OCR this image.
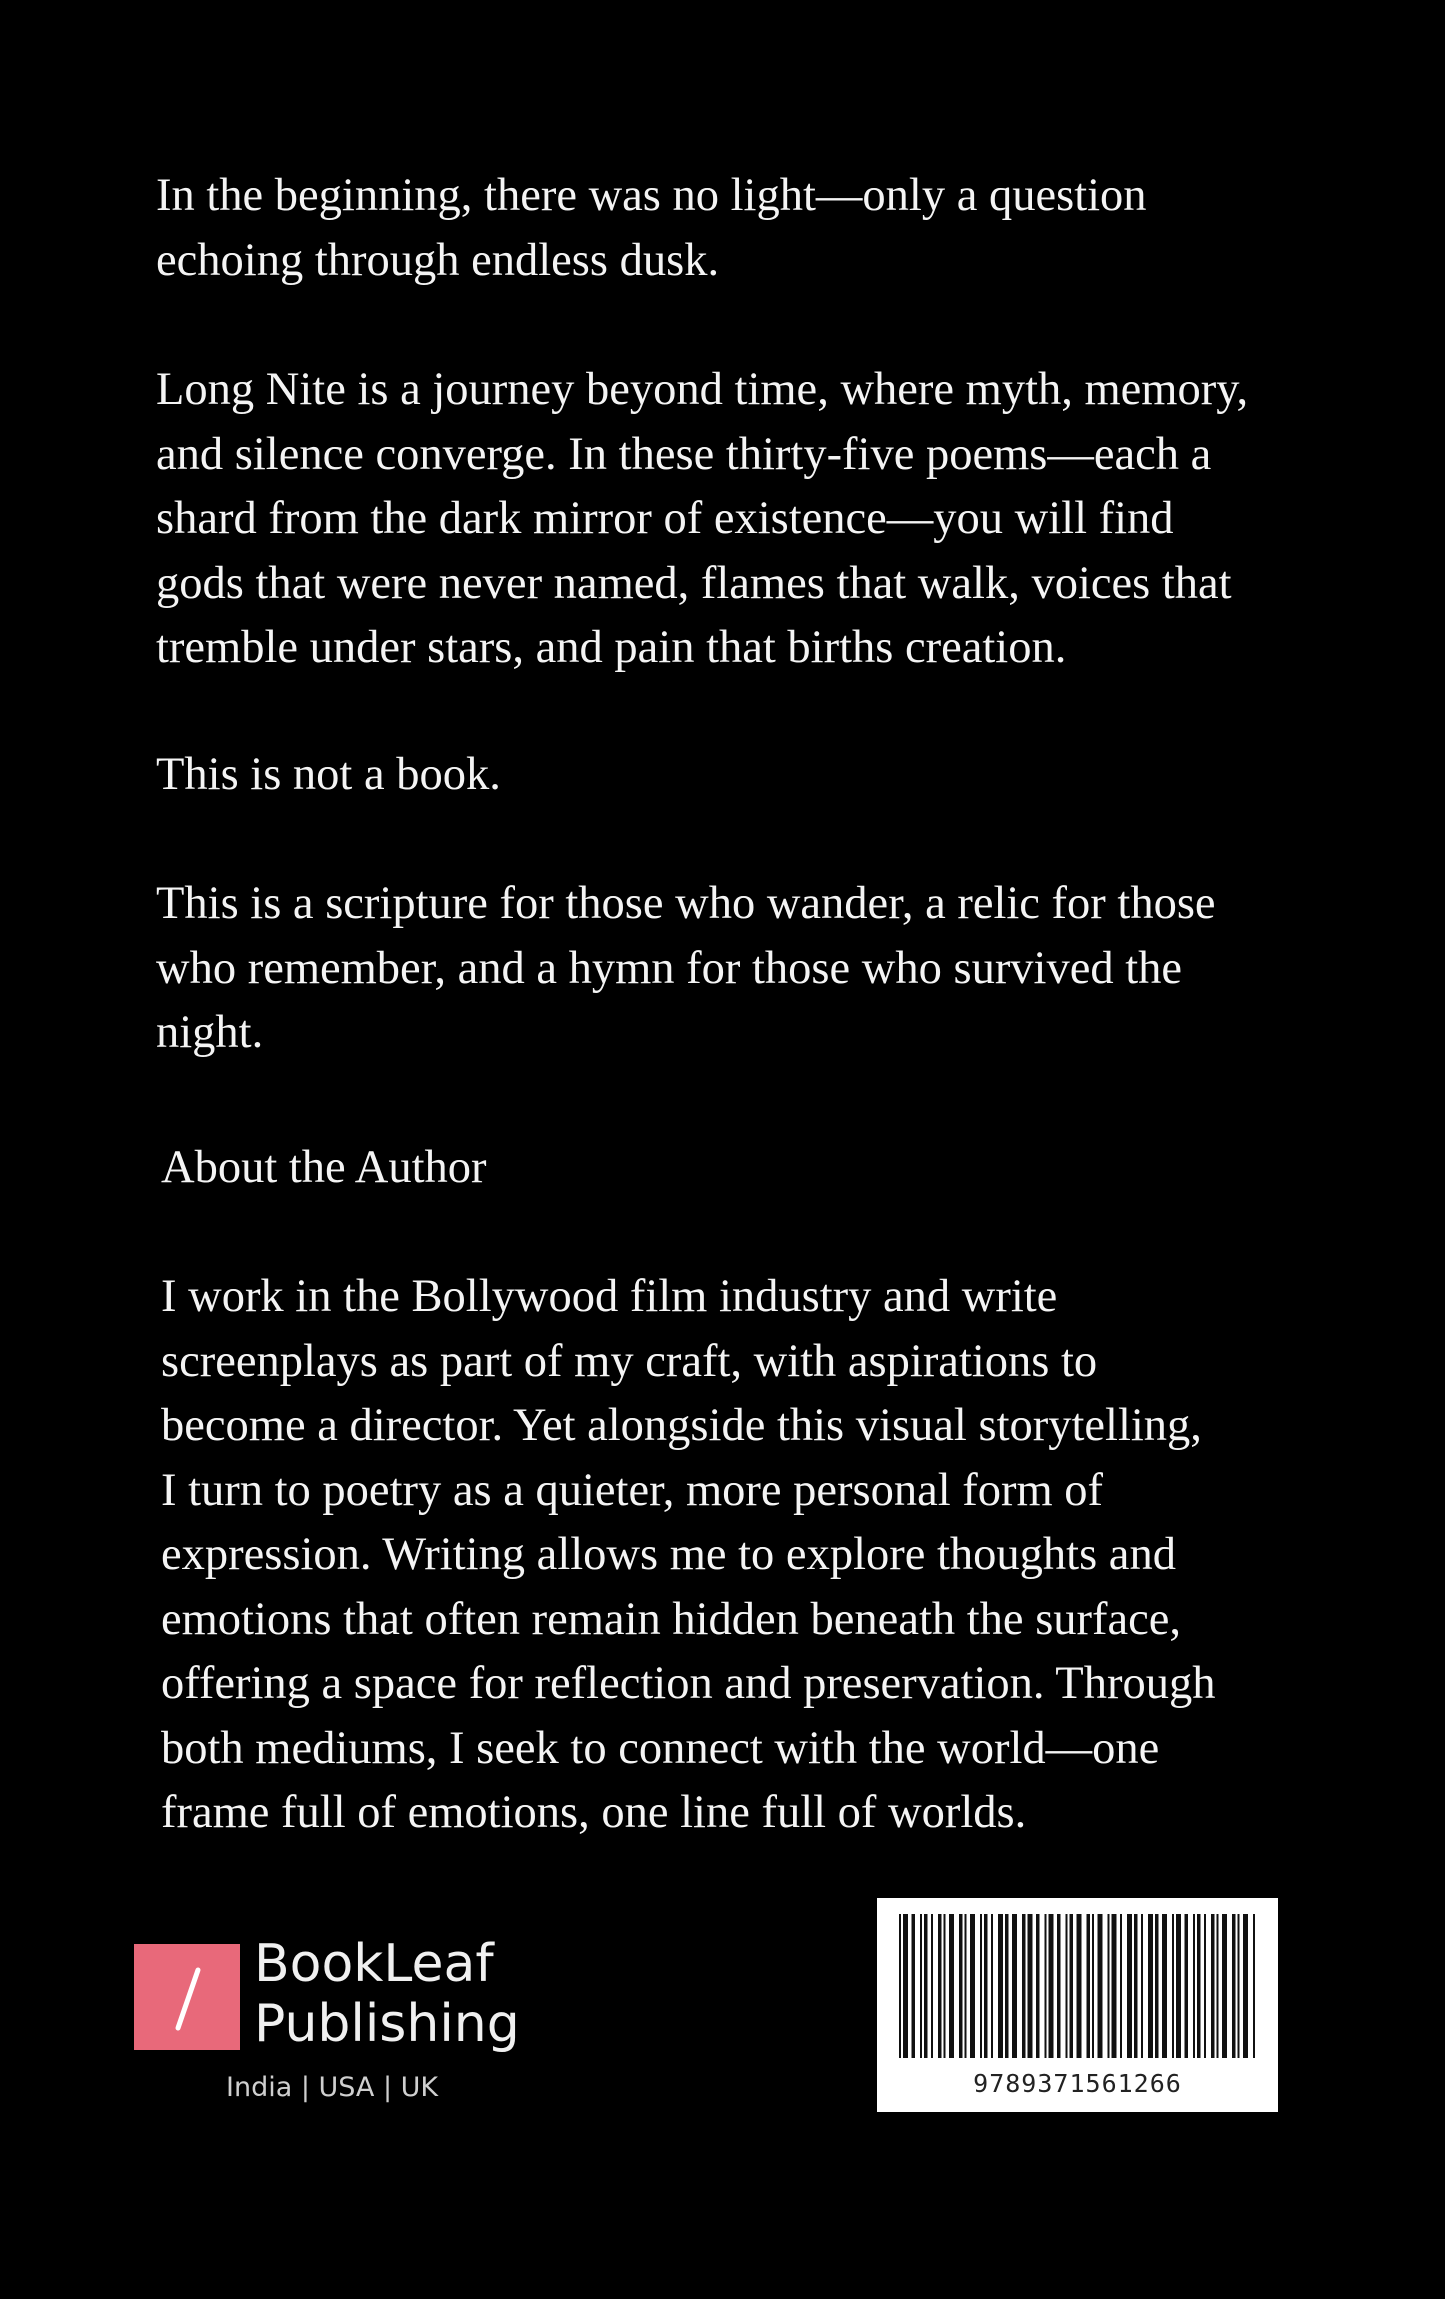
In the beginning, there was no light—only a question
echoing through endless dusk.

Long Nite is a journey beyond time, where myth, memory,
and silence converge. In these thirty-five poems—each a
shard from the dark mirror of existence—you will find
gods that were never named, flames that walk, voices that
tremble under stars, and pain that births creation.

This is not a book.

This is a scripture for those who wander, a relic for those
who remember, and a hymn for those who survived the
night.

About the Author

I work in the Bollywood film industry and write
screenplays as part of my craft, with aspirations to
become a director. Yet alongside this visual storytelling,
I turn to poetry as a quieter, more personal form of
expression. Writing allows me to explore thoughts and
emotions that often remain hidden beneath the surface,
offering a space for reflection and preservation. Through
both mediums, I seek to connect with the world—one
frame full of emotions, one line full of worlds.

BookLeaf
Publishing
India | USA | UK	9789371561266
